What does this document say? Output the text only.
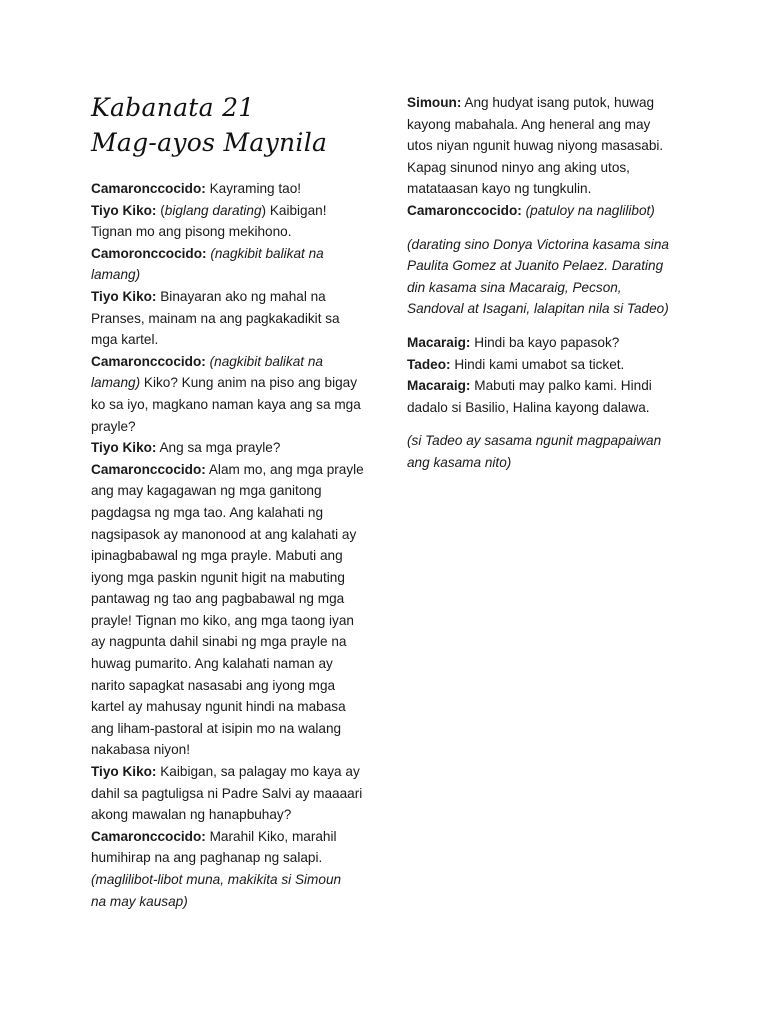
Kabanata 21
Mag-ayos Maynila
Camaronccocido: Kayraming tao!
Tiyo Kiko: (biglang darating) Kaibigan!
Tignan mo ang pisong mekihono.
Camoronccocido: (nagkibit balikat na
lamang)
Tiyo Kiko: Binayaran ako ng mahal na
Pranses, mainam na ang pagkakadikit sa
mga kartel.
Camaronccocido: (nagkibit balikat na
lamang) Kiko? Kung anim na piso ang bigay
ko sa iyo, magkano naman kaya ang sa mga
prayle?
Tiyo Kiko: Ang sa mga prayle?
Camaronccocido: Alam mo, ang mga prayle
ang may kagagawan ng mga ganitong
pagdagsa ng mga tao. Ang kalahati ng
nagsipasok ay manonood at ang kalahati ay
ipinagbabawal ng mga prayle. Mabuti ang
iyong mga paskin ngunit higit na mabuting
pantawag ng tao ang pagbabawal ng mga
prayle! Tignan mo kiko, ang mga taong iyan
ay nagpunta dahil sinabi ng mga prayle na
huwag pumarito. Ang kalahati naman ay
narito sapagkat nasasabi ang iyong mga
kartel ay mahusay ngunit hindi na mabasa
ang liham-pastoral at isipin mo na walang
nakabasa niyon!
Tiyo Kiko: Kaibigan, sa palagay mo kaya ay
dahil sa pagtuligsa ni Padre Salvi ay maaaari
akong mawalan ng hanapbuhay?
Camaronccocido: Marahil Kiko, marahil
humihirap na ang paghanap ng salapi.
(maglilibot-libot muna, makikita si Simoun
na may kausap)
Simoun: Ang hudyat isang putok, huwag
kayong mabahala. Ang heneral ang may
utos niyan ngunit huwag niyong masasabi.
Kapag sinunod ninyo ang aking utos,
matataasan kayo ng tungkulin.
Camaronccocido: (patuloy na naglilibot)
(darating sino Donya Victorina kasama sina
Paulita Gomez at Juanito Pelaez. Darating
din kasama sina Macaraig, Pecson,
Sandoval at Isagani, lalapitan nila si Tadeo)
Macaraig: Hindi ba kayo papasok?
Tadeo: Hindi kami umabot sa ticket.
Macaraig: Mabuti may palko kami. Hindi
dadalo si Basilio, Halina kayong dalawa.
(si Tadeo ay sasama ngunit magpapaiwan
ang kasama nito)
